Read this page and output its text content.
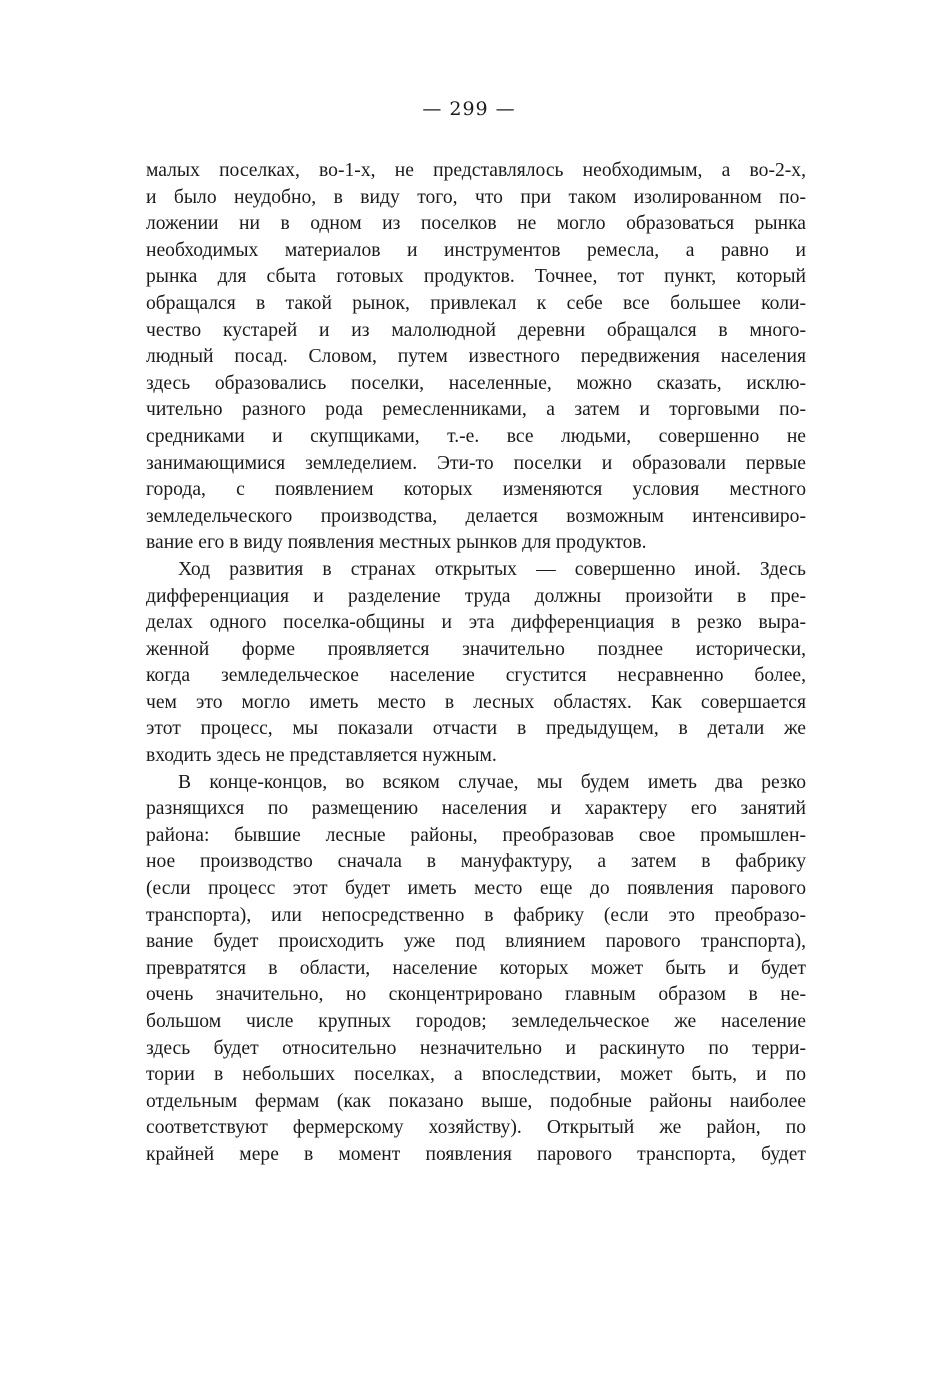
— 299 —
малых поселках, во-1-х, не представлялось необходимым, а во-2-х,
и было неудобно, в виду того, что при таком изолированном по-
ложении ни в одном из поселков не могло образоваться рынка
необходимых материалов и инструментов ремесла, а равно и
рынка для сбыта готовых продуктов. Точнее, тот пункт, который
обращался в такой рынок, привлекал к себе все большее коли-
чество кустарей и из малолюдной деревни обращался в много-
людный посад. Словом, путем известного передвижения населения
здесь образовались поселки, населенные, можно сказать, исклю-
чительно разного рода ремесленниками, а затем и торговыми по-
средниками и скупщиками, т.-е. все людьми, совершенно не
занимающимися земледелием. Эти-то поселки и образовали первые
города, с появлением которых изменяются условия местного
земледельческого производства, делается возможным интенсивиро-
вание его в виду появления местных рынков для продуктов.
Ход развития в странах открытых — совершенно иной. Здесь
дифференциация и разделение труда должны произойти в пре-
делах одного поселка-общины и эта дифференциация в резко выра-
женной форме проявляется значительно позднее исторически,
когда земледельческое население сгустится несравненно более,
чем это могло иметь место в лесных областях. Как совершается
этот процесс, мы показали отчасти в предыдущем, в детали же
входить здесь не представляется нужным.
В конце-концов, во всяком случае, мы будем иметь два резко
разнящихся по размещению населения и характеру его занятий
района: бывшие лесные районы, преобразовав свое промышлен-
ное производство сначала в мануфактуру, а затем в фабрику
(если процесс этот будет иметь место еще до появления парового
транспорта), или непосредственно в фабрику (если это преобразо-
вание будет происходить уже под влиянием парового транспорта),
превратятся в области, население которых может быть и будет
очень значительно, но сконцентрировано главным образом в не-
большом числе крупных городов; земледельческое же население
здесь будет относительно незначительно и раскинуто по терри-
тории в небольших поселках, а впоследствии, может быть, и по
отдельным фермам (как показано выше, подобные районы наиболее
соответствуют фермерскому хозяйству). Открытый же район, по
крайней мере в момент появления парового транспорта, будет
